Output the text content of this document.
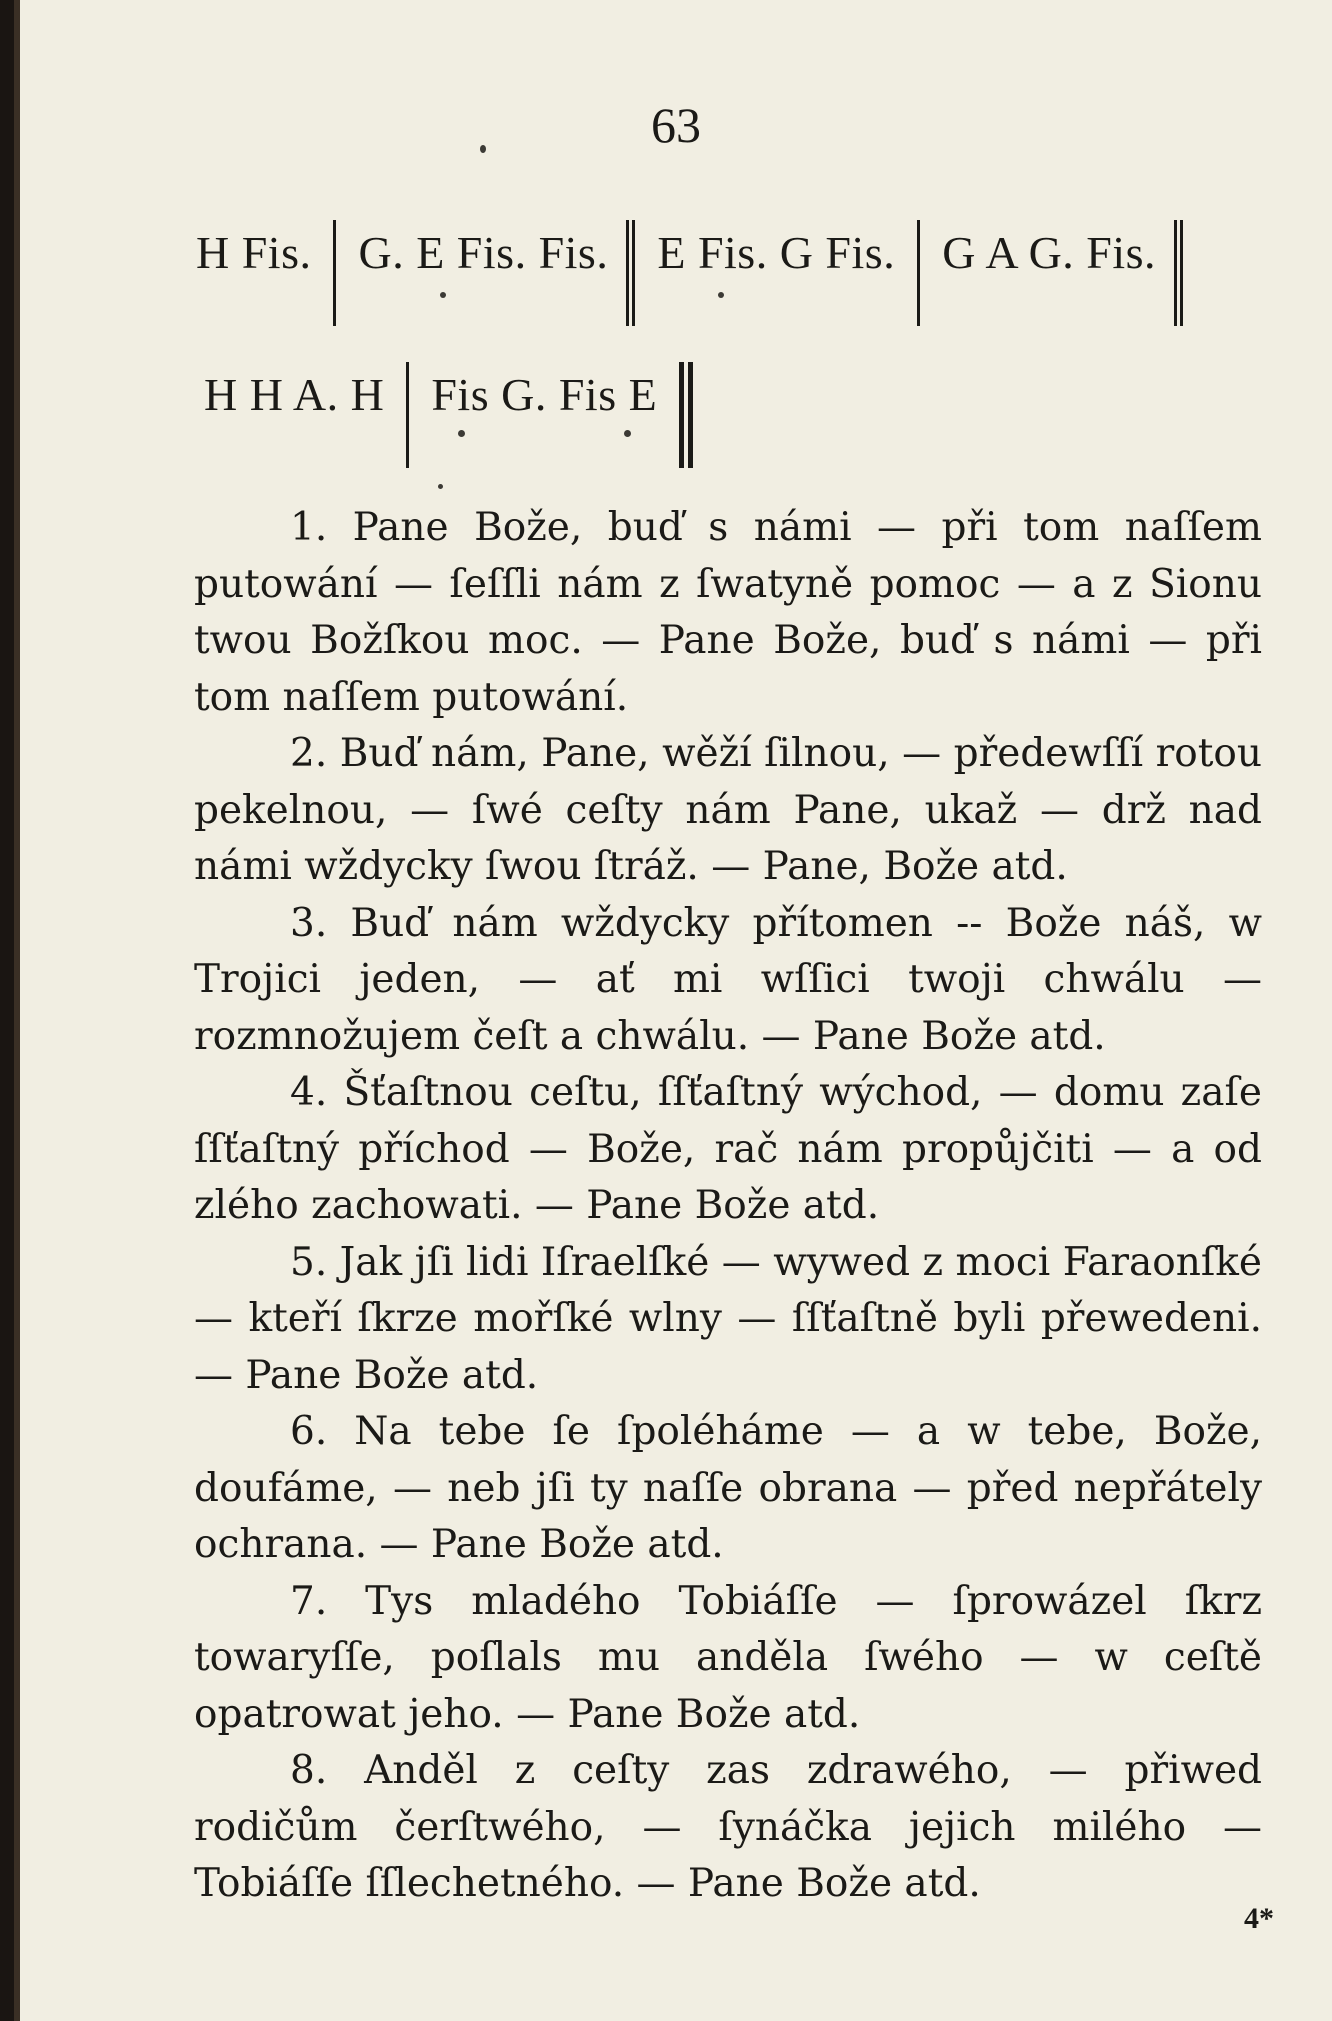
63
H Fis.	G. E Fis. Fis.	E Fis. G Fis.	G A G. Fis.
H H A. H	Fis G. Fis E

1. Pane Bože, buď s námi — při tom naſſem putowání — ſeſſli nám z ſwatyně pomoc — a z Sionu twou Božſkou moc. — Pane Bože, buď s námi — při tom naſſem putowání.

2. Buď nám, Pane, wěží ſilnou, — předewſſí rotou pekelnou, — ſwé ceſty nám Pane, ukaž — drž nad námi wždycky ſwou ſtráž. — Pane, Bože atd.

3. Buď nám wždycky přítomen -- Bože náš, w Trojici jeden, — ať mi wſſici twoji chwálu — rozmnožujem čeſt a chwálu. — Pane Bože atd.

4. Šťaſtnou ceſtu, ſſťaſtný wýchod, — domu zaſe ſſťaſtný příchod — Bože, rač nám propůjčiti — a od zlého zachowati. — Pane Bože atd.

5. Jak jſi lidi Iſraelſké — wywed z moci Faraonſké — kteří ſkrze mořſké wlny — ſſťaſtně byli přewedeni. — Pane Bože atd.

6. Na tebe ſe ſpoléháme — a w tebe, Bože, doufáme, — neb jſi ty naſſe obrana — před nepřátely ochrana. — Pane Bože atd.

7. Tys mladého Tobiáſſe — ſprowázel ſkrz towaryſſe, poſlals mu anděla ſwého — w ceſtě opatrowat jeho. — Pane Bože atd.

8. Anděl z ceſty zas zdrawého, — přiwed rodičům čerſtwého, — ſynáčka jejich milého — Tobiáſſe ſſlechetného. — Pane Bože atd.

4*
